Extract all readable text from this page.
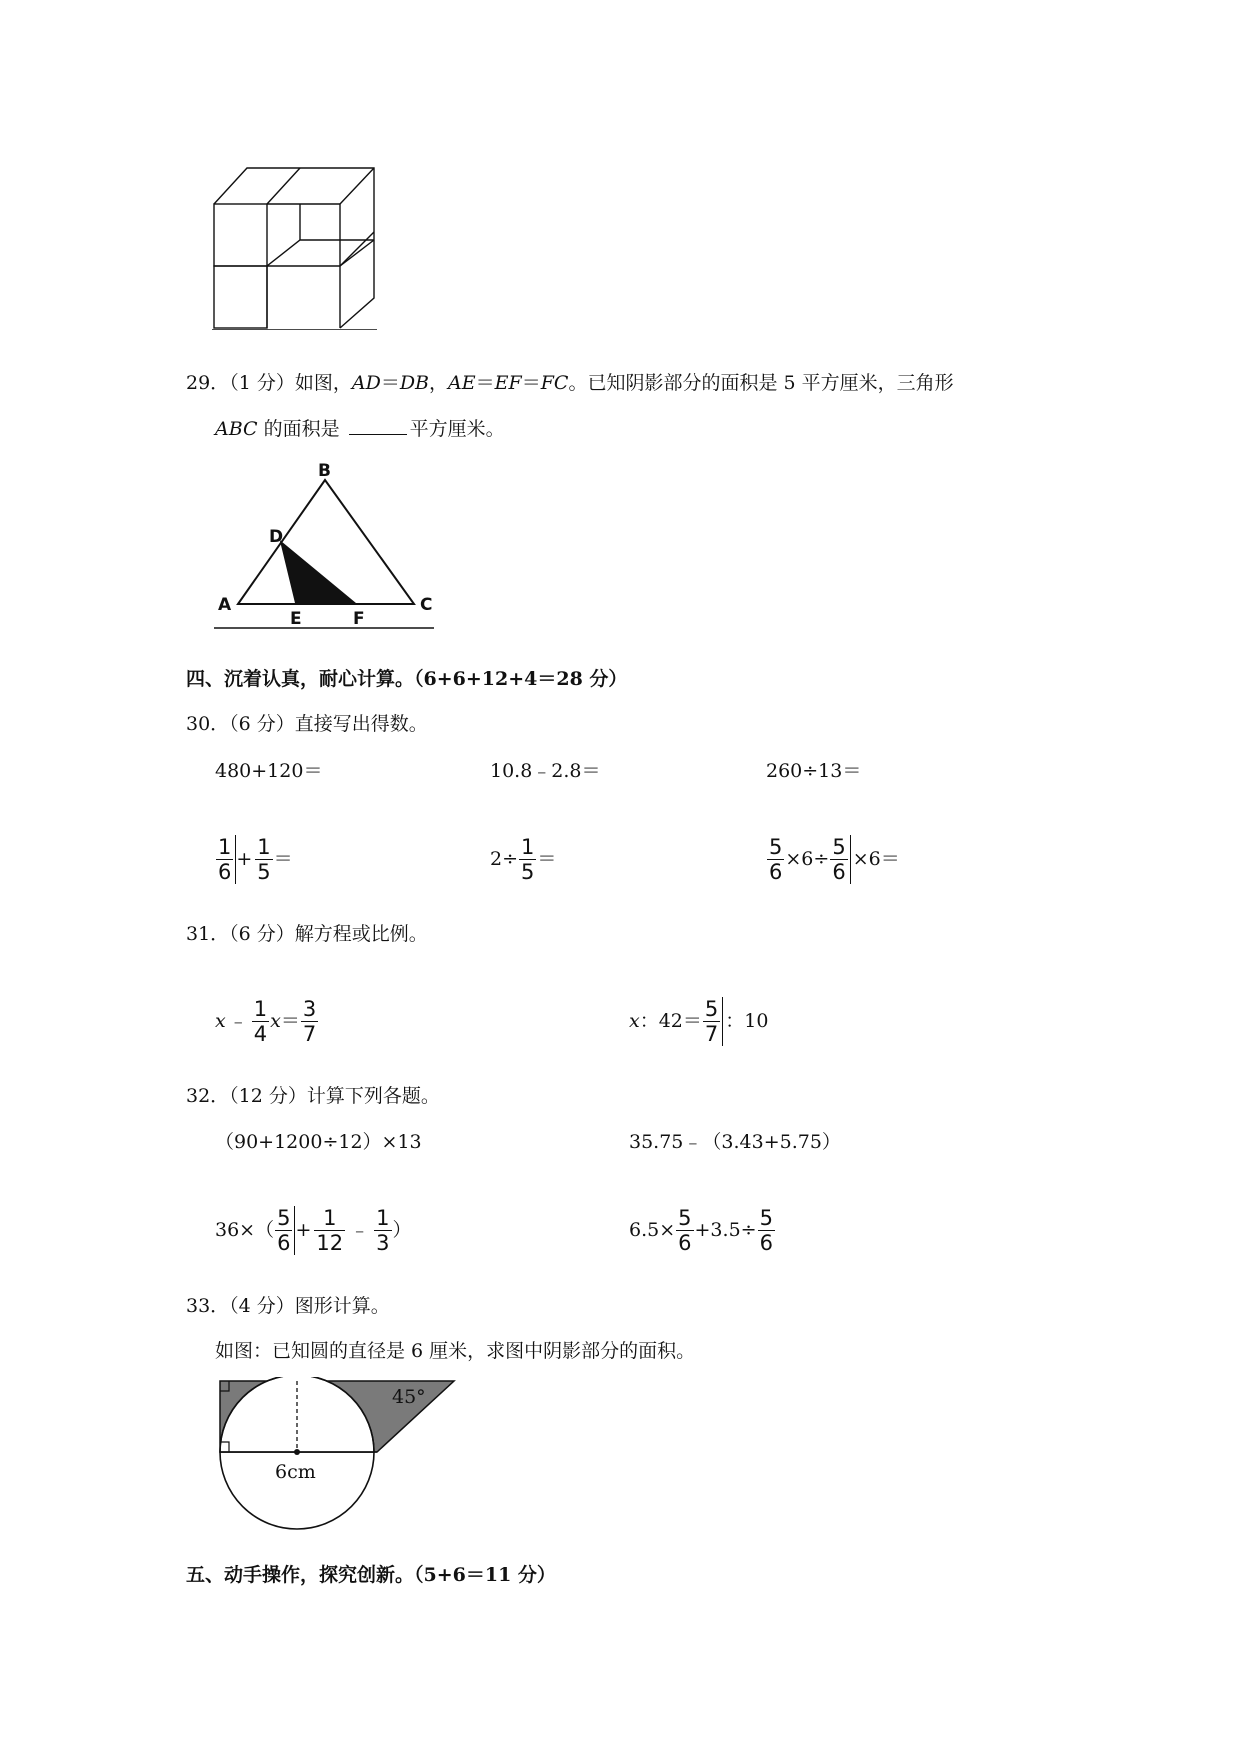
29．（1 分）如图，AD＝DB，AE＝EF＝FC。已知阴影部分的面积是 5 平方厘米，三角形
ABC 的面积是	平方厘米。
B
D
A	C
E	F
四、沉着认真，耐心计算。（6+6+12+4＝28 分）
30．（6 分）直接写出得数。
480+120＝	10.8﹣2.8＝	260÷13＝
$\frac{1}{6} + \frac{1}{5}$ ＝	$2\div \frac{1}{5}$ ＝	$\frac{5}{6} \times 6\div \frac{5}{6} \times 6=$
31．（6 分）解方程或比例。
x ﹣ $\frac{1}{4}$ $x = \frac{3}{7}$	x ：$42= \frac{5}{7}$ ：10
32．（12 分）计算下列各题。
（90+1200÷12）×13	35.75﹣（3.43+5.75）
$36\times( \frac{5}{6} + \frac{1}{12}$ ﹣ $\frac{1}{3}$ ）	$6.5\times \frac{5}{6} +3.5\div \frac{5}{6}$
33．（4 分）图形计算。
如图：已知圆的直径是 6 厘米，求图中阴影部分的面积。
45°
6cm
五、动手操作，探究创新。（5+6＝11 分）
